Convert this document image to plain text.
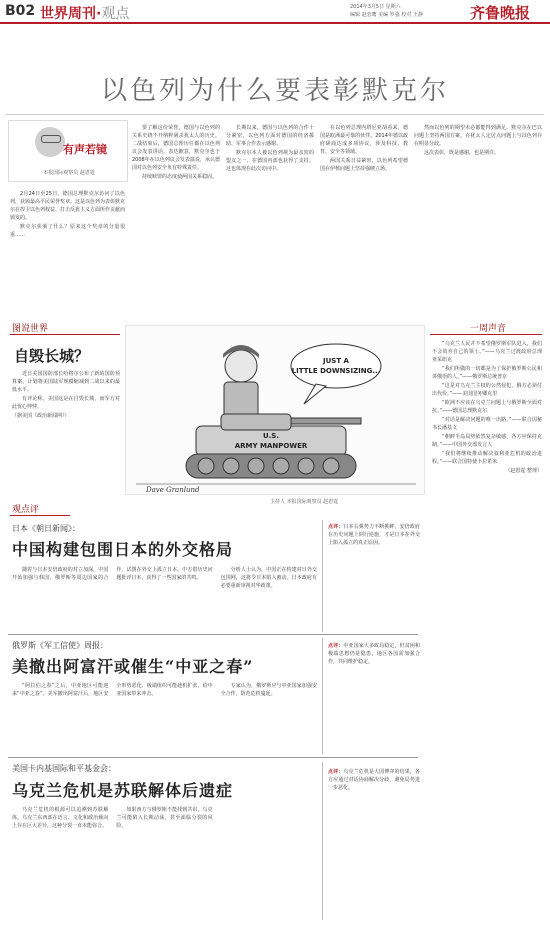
B02 世界周刊·观点	2014年3月5日 星期六
编辑 赵恋鹰 美编 罗强 校对 王静	齐鲁晚报
以色列为什么要表彰默克尔
有声若镜
本报国际观察员 赵恩霆

2月24日至25日，德国总理默克尔访问了以色列，获颁最高平民荣誉奖章。这是以色列为表彰默克尔在捍卫以色列权益、打击反犹主义方面所作贡献而颁发的。

默克尔获颁了什么？原来这个奖章的分量很重……

要了解这份荣誉，德国与以色列的关系史绕不开纳粹屠杀犹太人的历史。二战结束后，德国总理历任都在以色列议会发表讲话，表达歉意，默克尔也于2008年在以色列议会发表演说，承认德国对以色列安全负有特殊责任。

持续赎罪的态度使两国关系稳固。

长期以来，德国与以色列的合作十分紧密，以色列方面对德国的经济援助、军事合作表示感谢。

默克尔本人被以色列视为最亲密的盟友之一，在德国内部也获得了支持。这也体现在此次访问中。

在以色列总理内塔尼亚胡看来，德国是欧洲最可靠的伙伴。2014年德以政府磋商达成多项协议，涉及科技、教育、安全等领域。

两国关系日益紧密，以色列希望德国在伊核问题上坚持强硬立场。

然而以色列的期望未必都能得到满足。默克尔在巴以问题上坚持两国方案，在犹太人定居点问题上与以色列存在明显分歧。

这次表彰，既是感谢，也是期许。

图说世界
自毁长城？

近日美国国防部长哈格尔公布了新的国防预算案，计划将美国陆军规模缩减到二战以来的最低水平。

有评论称，美国这是在自毁长城，而军方对此忧心忡忡。

（据美国《政治新闻网》）

JUST A
LITTLE DOWNSIZING...
U.S.
ARMY MANPOWER
Dave Granlund
主持人 本报国际观察员 赵恩霆
一周声音

“乌克兰人民并不希望俄罗斯军队进入，我们不会放弃自己的领土。”——乌克兰过渡政府总理亚采纽克

“我们所做的一切都是为了保护俄罗斯公民和讲俄语的人。”——俄罗斯总统普京

“这是对乌克兰主权的公然侵犯，俄方必须付出代价。”——美国国务卿克里

“欧洲不应该在乌克兰问题上与俄罗斯全面对抗。”——德国总理默克尔

“对话是解决问题的唯一出路。”——联合国秘书长潘基文

“朝鲜半岛局势依然复杂敏感，各方应保持克制。”——中国外交部发言人

“我们将继续推动解决叙利亚危机的政治进程。”——联合国特使卜拉希米

（赵恩霆 整理）

观点评
日本《朝日新闻》：
中国构建包围日本的外交格局

随着与日本安倍政府的对立加深，中国开始加强与韩国、俄罗斯等周边国家的合作，试图在外交上孤立日本。中方借历史问题批评日本，获得了一些国家的共鸣。

分析人士认为，中国正在构建对日外交包围网，这将令日本陷入被动。日本政府有必要重新审视对华政策。

点评：日本右翼势力不断挑衅，安倍政府在历史问题上倒行逆施，才是日本在外交上陷入孤立的真正原因。
俄罗斯《军工信使》周报：
美撤出阿富汗或催生“中亚之春”

“阿拉伯之春”之后，中亚地区可能迎来“中亚之春”。美军撤出阿富汗后，地区安全形势恶化，极端组织可能趁机扩张，给中亚国家带来冲击。

专家认为，俄罗斯应与中亚国家加强安全合作，防范危机蔓延。

点评：中亚国家大多政局稳定，但贫困和极端思想仍是隐患，地区各国需加强合作，共同维护稳定。
美国卡内基国际和平基金会：
乌克兰危机是苏联解体后遗症

乌克兰危机的根源可以追溯到苏联解体。乌克兰东西部在语言、文化和政治倾向上存在巨大差异，这种分裂一直未能弥合。

如果西方与俄罗斯不能找到共识，乌克兰可能陷入长期动荡，甚至面临分裂的风险。

点评：乌克兰危机是大国博弈的结果，各方应通过对话协商解决分歧，避免局势进一步恶化。
